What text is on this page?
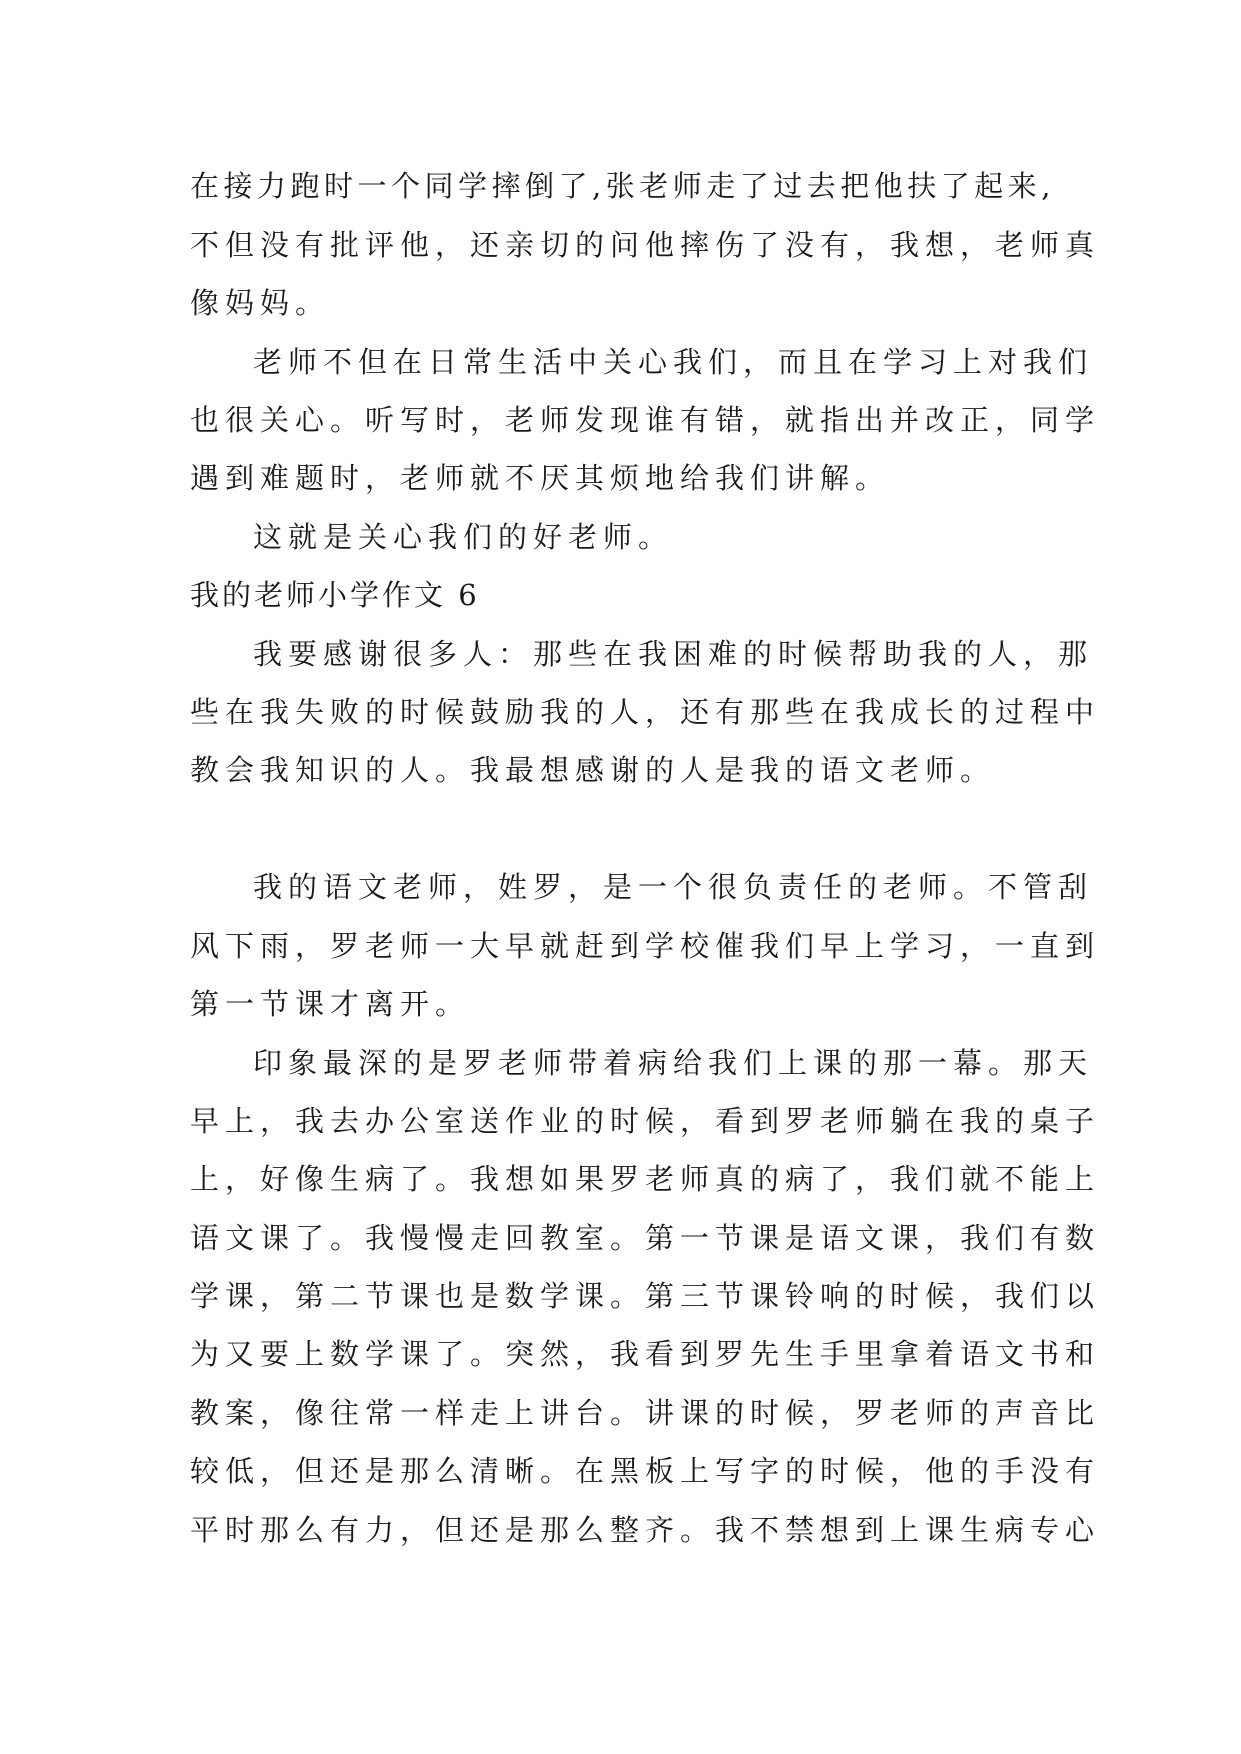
在接力跑时一个同学摔倒了,张老师走了过去把他扶了起来,

不但没有批评他，还亲切的问他摔伤了没有，我想，老师真

像妈妈。

老师不但在日常生活中关心我们，而且在学习上对我们

也很关心。听写时，老师发现谁有错，就指出并改正，同学

遇到难题时，老师就不厌其烦地给我们讲解。

这就是关心我们的好老师。

我的老师小学作文 6

我要感谢很多人：那些在我困难的时候帮助我的人，那

些在我失败的时候鼓励我的人，还有那些在我成长的过程中

教会我知识的人。我最想感谢的人是我的语文老师。

我的语文老师，姓罗，是一个很负责任的老师。不管刮

风下雨，罗老师一大早就赶到学校催我们早上学习，一直到

第一节课才离开。

印象最深的是罗老师带着病给我们上课的那一幕。那天

早上，我去办公室送作业的时候，看到罗老师躺在我的桌子

上，好像生病了。我想如果罗老师真的病了，我们就不能上

语文课了。我慢慢走回教室。第一节课是语文课，我们有数

学课，第二节课也是数学课。第三节课铃响的时候，我们以

为又要上数学课了。突然，我看到罗先生手里拿着语文书和

教案，像往常一样走上讲台。讲课的时候，罗老师的声音比

较低，但还是那么清晰。在黑板上写字的时候，他的手没有

平时那么有力，但还是那么整齐。我不禁想到上课生病专心
